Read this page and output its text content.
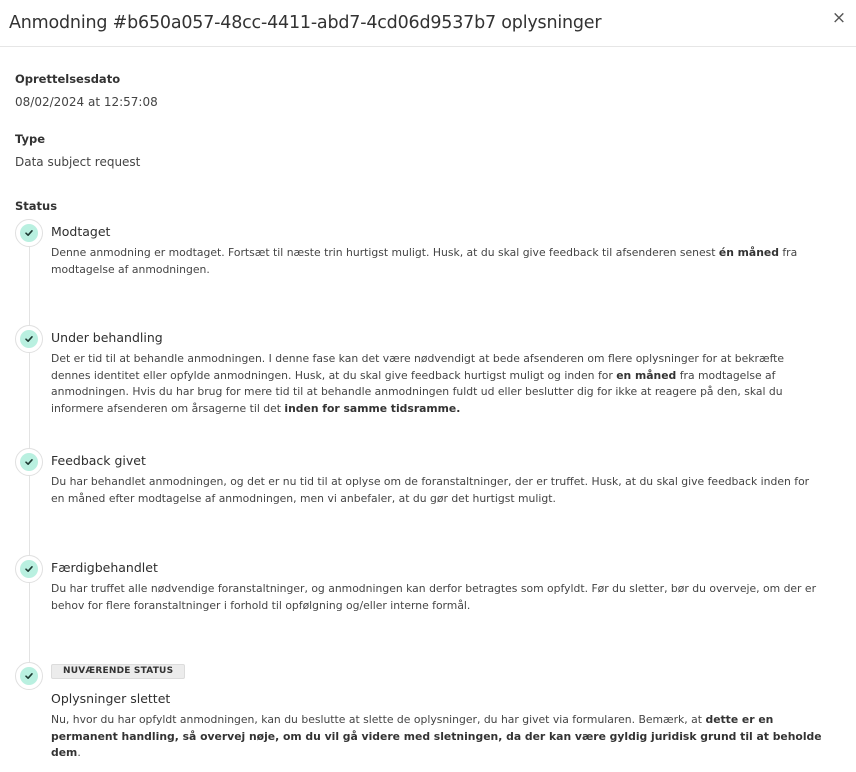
Anmodning #b650a057-48cc-4411-abd7-4cd06d9537b7 oplysninger	×
Oprettelsesdato
08/02/2024 at 12:57:08
Type
Data subject request
Status
Modtaget
Denne anmodning er modtaget. Fortsæt til næste trin hurtigst muligt. Husk, at du skal give feedback til afsenderen senest én måned fra modtagelse af anmodningen.
Under behandling
Det er tid til at behandle anmodningen. I denne fase kan det være nødvendigt at bede afsenderen om flere oplysninger for at bekræfte dennes identitet eller opfylde anmodningen. Husk, at du skal give feedback hurtigst muligt og inden for en måned fra modtagelse af anmodningen. Hvis du har brug for mere tid til at behandle anmodningen fuldt ud eller beslutter dig for ikke at reagere på den, skal du informere afsenderen om årsagerne til det inden for samme tidsramme.
Feedback givet
Du har behandlet anmodningen, og det er nu tid til at oplyse om de foranstaltninger, der er truffet. Husk, at du skal give feedback inden for en måned efter modtagelse af anmodningen, men vi anbefaler, at du gør det hurtigst muligt.
Færdigbehandlet
Du har truffet alle nødvendige foranstaltninger, og anmodningen kan derfor betragtes som opfyldt. Før du sletter, bør du overveje, om der er behov for flere foranstaltninger i forhold til opfølgning og/eller interne formål.
NUVÆRENDE STATUS
Oplysninger slettet
Nu, hvor du har opfyldt anmodningen, kan du beslutte at slette de oplysninger, du har givet via formularen. Bemærk, at dette er en permanent handling, så overvej nøje, om du vil gå videre med sletningen, da der kan være gyldig juridisk grund til at beholde dem.
